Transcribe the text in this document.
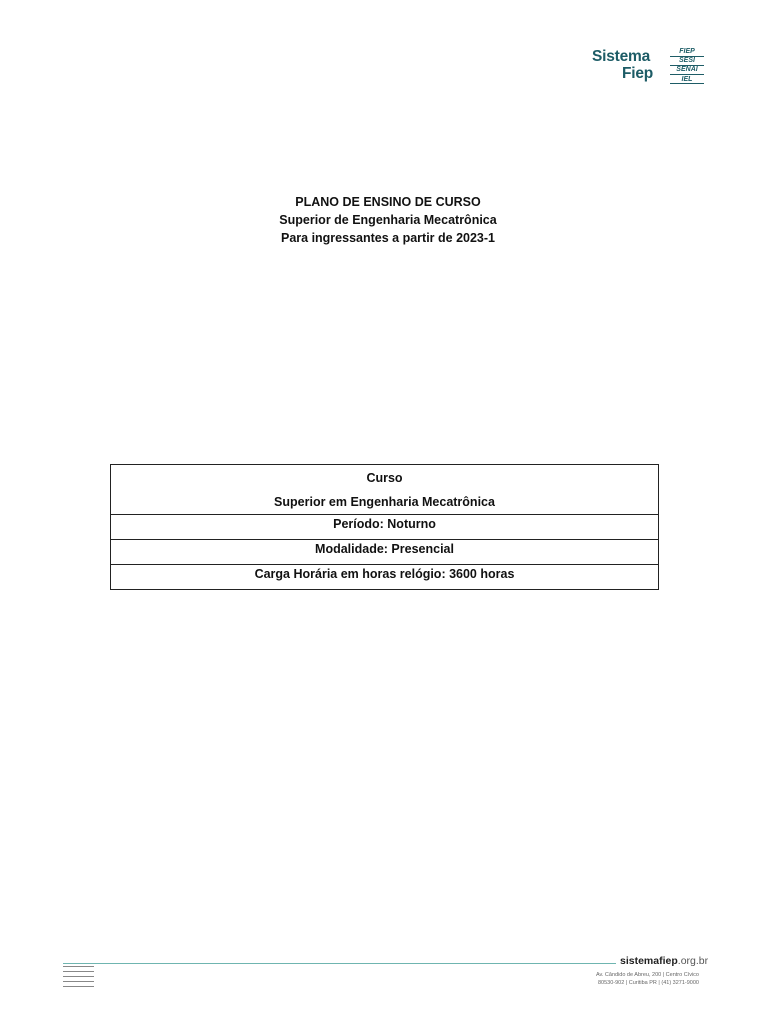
Sistema
Fiep
FIEP
SESI
SENAI
IEL
PLANO DE ENSINO DE CURSO
Superior de Engenharia Mecatrônica
Para ingressantes a partir de 2023-1
Curso
Superior em Engenharia Mecatrônica

Período: Noturno

Modalidade: Presencial

Carga Horária em horas relógio: 3600 horas
sistemafiep.org.br
Av. Cândido de Abreu, 200 | Centro Cívico
80530-902 | Curitiba PR | (41) 3271-9000
